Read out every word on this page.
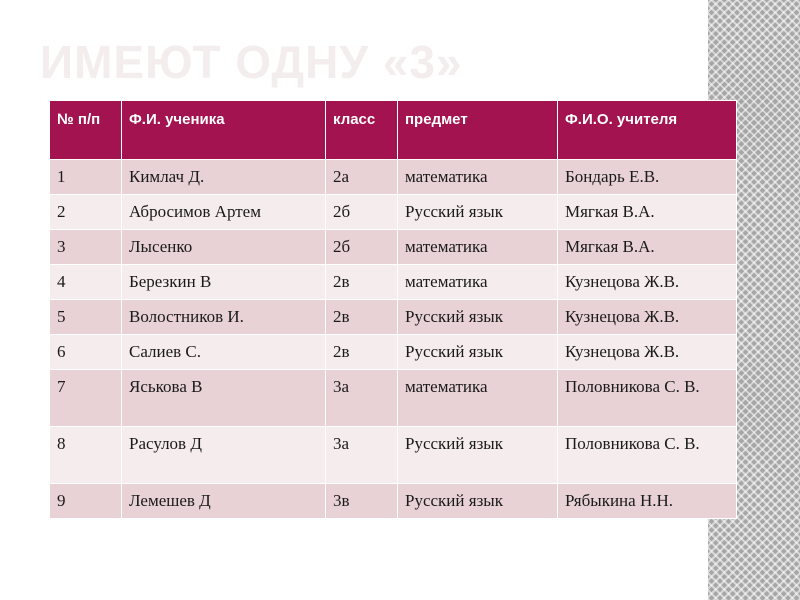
ИМЕЮТ ОДНУ «3»
№ п/п	Ф.И. ученика	класс	предмет	Ф.И.О. учителя
1	Кимлач Д.	2а	математика	Бондарь Е.В.
2	Абросимов Артем	2б	Русский язык	Мягкая В.А.
3	Лысенко	2б	математика	Мягкая В.А.
4	Березкин В	2в	математика	Кузнецова Ж.В.
5	Волостников И.	2в	Русский язык	Кузнецова Ж.В.
6	Салиев С.	2в	Русский язык	Кузнецова Ж.В.
7	Яськова В	3а	математика	Половникова С. В.
8	Расулов Д	3а	Русский язык	Половникова С. В.
9	Лемешев Д	3в	Русский язык	Рябыкина Н.Н.
